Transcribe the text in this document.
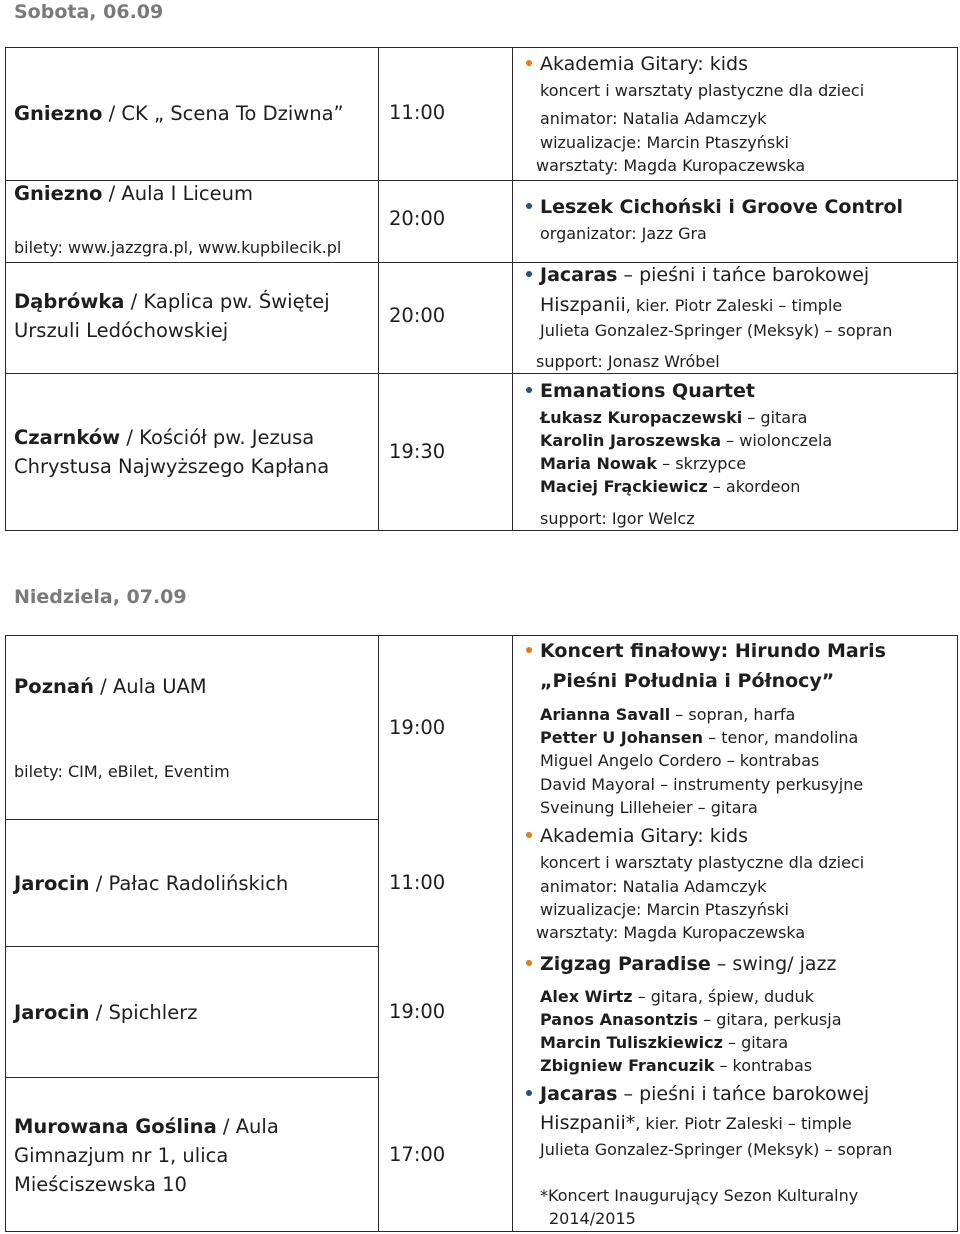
Sobota, 06.09
Gniezno / CK „ Scena To Dziwna” 11:00
Gniezno / Aula I Liceum
bilety: www.jazzgra.pl, www.kupbilecik.pl
20:00
Dąbrówka / Kaplica pw. Świętej
Urszuli Ledóchowskiej
20:00
Czarnków / Kościół pw. Jezusa
Chrystusa Najwyższego Kapłana
19:30
Akademia Gitary: kids
koncert i warsztaty plastyczne dla dzieci
animator: Natalia Adamczyk
wizualizacje: Marcin Ptaszyński
warsztaty: Magda Kuropaczewska
Leszek Cichoński i Groove Control
organizator: Jazz Gra
Jacaras – pieśni i tańce barokowej
Hiszpanii, kier. Piotr Zaleski – timple
Julieta Gonzalez-Springer (Meksyk) – sopran
support: Jonasz Wróbel
Emanations Quartet
Łukasz Kuropaczewski – gitara
Karolin Jaroszewska – wiolonczela
Maria Nowak – skrzypce
Maciej Frąckiewicz – akordeon
support: Igor Welcz
Niedziela, 07.09
Poznań / Aula UAM
bilety: CIM, eBilet, Eventim
19:00
Jarocin / Pałac Radolińskich	11:00
Jarocin / Spichlerz	19:00
Murowana Goślina / Aula
Gimnazjum nr 1, ulica
Mieściszewska 10
17:00
Koncert finałowy: Hirundo Maris
„Pieśni Południa i Północy”
Arianna Savall – sopran, harfa
Petter U Johansen – tenor, mandolina
Miguel Angelo Cordero – kontrabas
David Mayoral – instrumenty perkusyjne
Sveinung Lilleheier – gitara
Akademia Gitary: kids
koncert i warsztaty plastyczne dla dzieci
animator: Natalia Adamczyk
wizualizacje: Marcin Ptaszyński
warsztaty: Magda Kuropaczewska
Zigzag Paradise – swing/ jazz
Alex Wirtz – gitara, śpiew, duduk
Panos Anasontzis – gitara, perkusja
Marcin Tuliszkiewicz – gitara
Zbigniew Francuzik – kontrabas
Jacaras – pieśni i tańce barokowej
Hiszpanii*, kier. Piotr Zaleski – timple
Julieta Gonzalez-Springer (Meksyk) – sopran
*Koncert Inaugurujący Sezon Kulturalny
2014/2015
